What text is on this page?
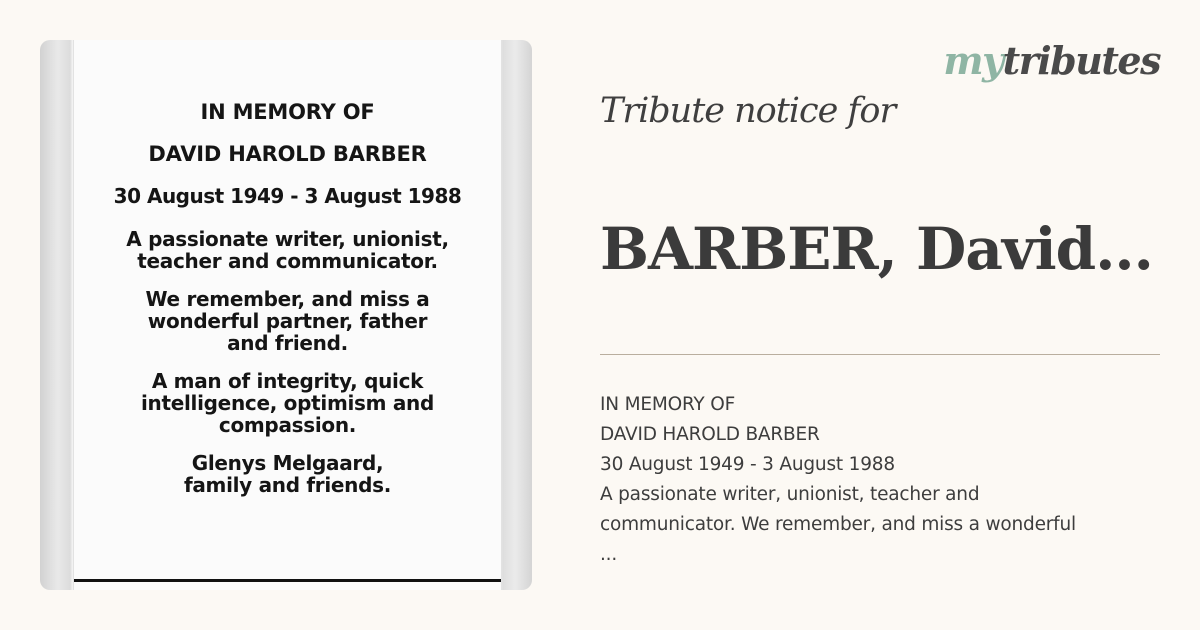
IN MEMORY OF
DAVID HAROLD BARBER
30 August 1949 - 3 August 1988
A passionate writer, unionist,
teacher and communicator.
We remember, and miss a
wonderful partner, father
and friend.
A man of integrity, quick
intelligence, optimism and
compassion.
Glenys Melgaard,
family and friends.
mytributes
Tribute notice for
BARBER, David...
IN MEMORY OF
DAVID HAROLD BARBER
30 August 1949 - 3 August 1988
A passionate writer, unionist, teacher and
communicator. We remember, and miss a wonderful
...
